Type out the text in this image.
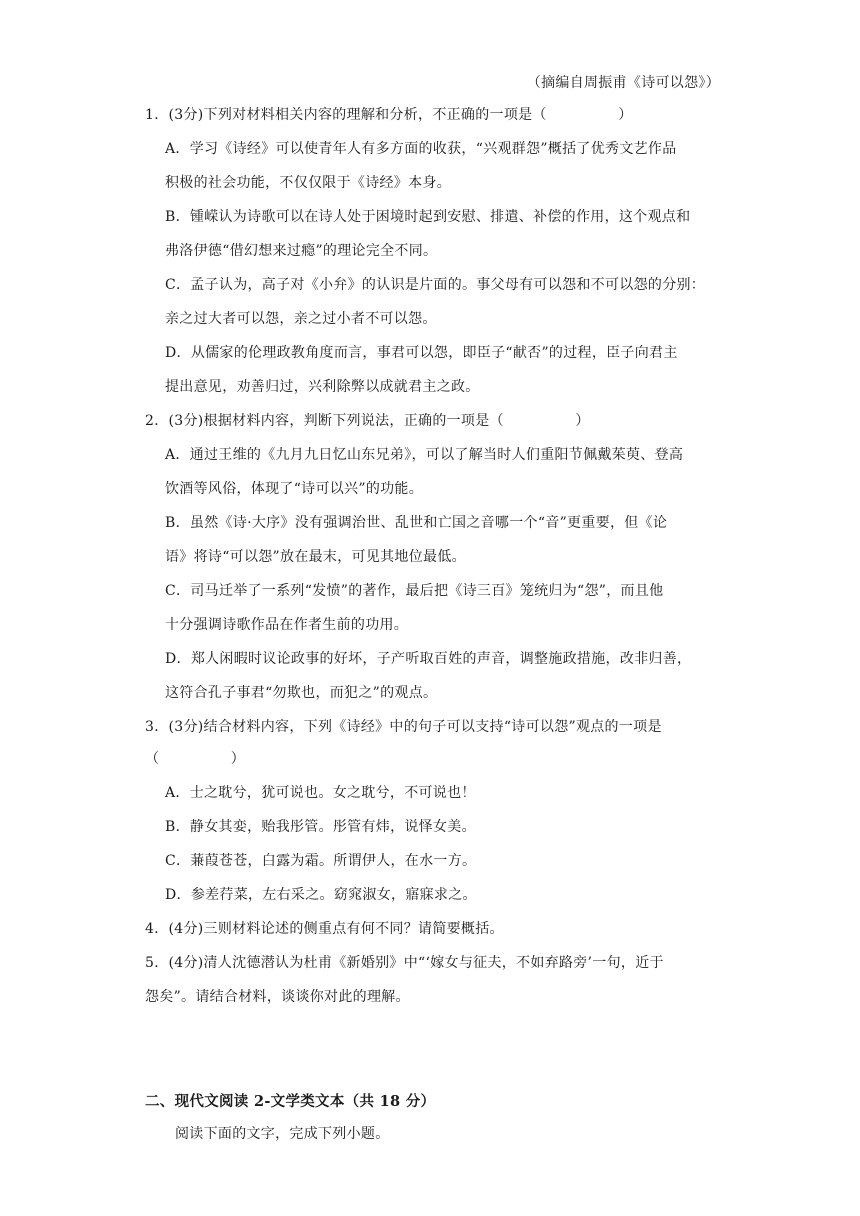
（摘编自周振甫《诗可以怨》）
1．(3分)下列对材料相关内容的理解和分析，不正确的一项是（　　　　　）
A．学习《诗经》可以使青年人有多方面的收获，“兴观群怨”概括了优秀文艺作品
积极的社会功能，不仅仅限于《诗经》本身。
B．锺嵘认为诗歌可以在诗人处于困境时起到安慰、排遣、补偿的作用，这个观点和
弗洛伊德“借幻想来过瘾”的理论完全不同。
C．孟子认为，高子对《小弁》的认识是片面的。事父母有可以怨和不可以怨的分别：
亲之过大者可以怨，亲之过小者不可以怨。
D．从儒家的伦理政教角度而言，事君可以怨，即臣子“献否”的过程，臣子向君主
提出意见，劝善归过，兴利除弊以成就君主之政。
2．(3分)根据材料内容，判断下列说法，正确的一项是（　　　　　）
A．通过王维的《九月九日忆山东兄弟》，可以了解当时人们重阳节佩戴茱萸、登高
饮酒等风俗，体现了“诗可以兴”的功能。
B．虽然《诗·大序》没有强调治世、乱世和亡国之音哪一个“音”更重要，但《论
语》将诗“可以怨”放在最末，可见其地位最低。
C．司马迁举了一系列“发愤”的著作，最后把《诗三百》笼统归为“怨”，而且他
十分强调诗歌作品在作者生前的功用。
D．郑人闲暇时议论政事的好坏，子产听取百姓的声音，调整施政措施，改非归善，
这符合孔子事君“勿欺也，而犯之”的观点。
3．(3分)结合材料内容，下列《诗经》中的句子可以支持“诗可以怨”观点的一项是
（　　　　　）
A．士之耽兮，犹可说也。女之耽兮，不可说也！
B．静女其娈，贻我彤管。彤管有炜，说怿女美。
C．蒹葭苍苍，白露为霜。所谓伊人，在水一方。
D．参差荇菜，左右采之。窈窕淑女，寤寐求之。
4．(4分)三则材料论述的侧重点有何不同？请简要概括。
5．(4分)清人沈德潜认为杜甫《新婚别》中“‘嫁女与征夫，不如弃路旁’一句，近于
怨矣”。请结合材料，谈谈你对此的理解。
二、现代文阅读 2-文学类文本（共 18 分）
阅读下面的文字，完成下列小题。
